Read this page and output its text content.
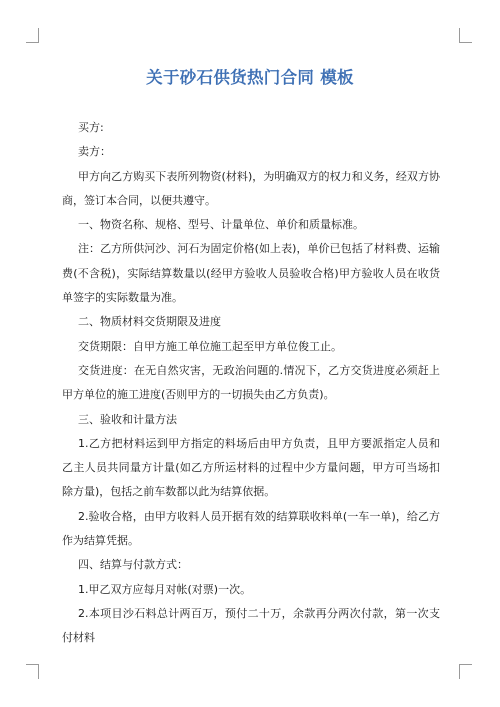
关于砂石供货热门合同 模板

买方:

卖方：

甲方向乙方购买下表所列物资(材料)，为明确双方的权力和义务，经双方协商，签订本合同，以便共遵守。

一、物资名称、规格、型号、计量单位、单价和质量标准。

注：乙方所供河沙、河石为固定价格(如上表)，单价已包括了材料费、运输费(不含税)，实际结算数量以(经甲方验收人员验收合格)甲方验收人员在收货单签字的实际数量为准。

二、物质材料交货期限及进度

交货期限：自甲方施工单位施工起至甲方单位俊工止。

交货进度：在无自然灾害，无政治问题的.情况下，乙方交货进度必须赶上甲方单位的施工进度(否则甲方的一切损失由乙方负责)。

三、验收和计量方法

1.乙方把材料运到甲方指定的料场后由甲方负责，且甲方要派指定人员和乙主人员共同量方计量(如乙方所运材料的过程中少方量问题，甲方可当场扣除方量)，包括之前车数都以此为结算依据。

2.验收合格，由甲方收料人员开据有效的结算联收料单(一车一单)，给乙方作为结算凭据。

四、结算与付款方式：

1.甲乙双方应每月对帐(对票)一次。

2.本项目沙石料总计两百万，预付二十万，余款再分两次付款，第一次支付材料
